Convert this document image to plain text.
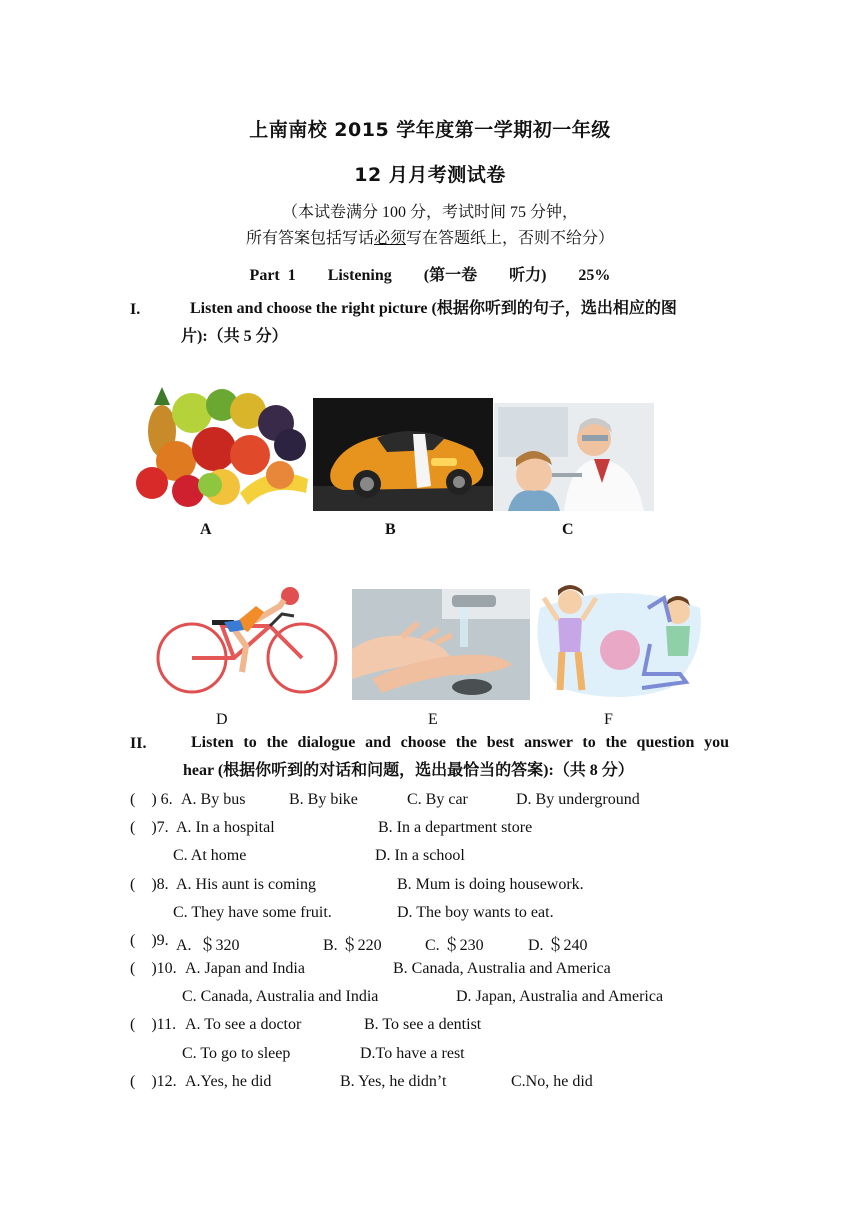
上南南校 2015 学年度第一学期初一年级
12 月月考测试卷
（本试卷满分 100 分，考试时间 75 分钟，
所有答案包括写话必须写在答题纸上，否则不给分）
Part 1    Listening    (第一卷    听力)    25%
I.	Listen and choose the right picture (根据你听到的句子，选出相应的图
片):（共 5 分）
A	B	C
D	E	F
II.	Listen to the dialogue and choose the best answer to the question you
hear (根据你听到的对话和问题，选出最恰当的答案):（共 8 分）
(    ) 6. A. By bus	B. By bike	C. By car	D. By underground
(    )7. A. In a hospital	B. In a department store
C. At home	D. In a school
(    )8. A. His aunt is coming	B. Mum is doing housework.
C. They have some fruit.	D. The boy wants to eat.
(    )9. A.  ＄320	B. ＄220	C. ＄230	D. ＄240
(    )10. A. Japan and India	B. Canada, Australia and America
C. Canada, Australia and India	D. Japan, Australia and America
(    )11. A. To see a doctor	B. To see a dentist
C. To go to sleep	D.To have a rest
(    )12. A.Yes, he did	B. Yes, he didn’t	C.No, he did
